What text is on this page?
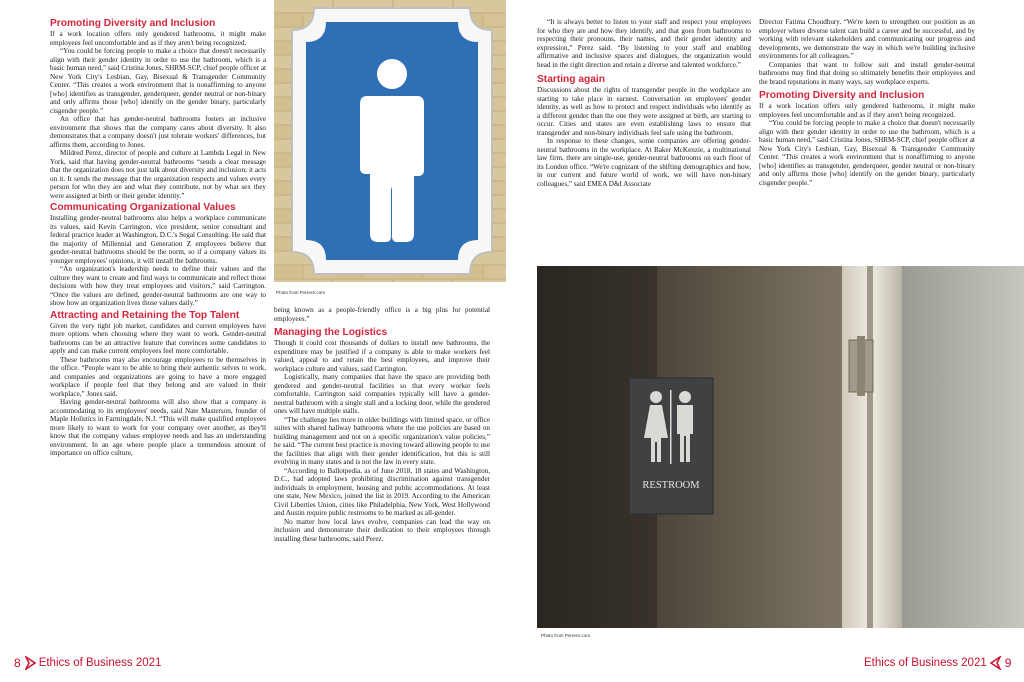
Promoting Diversity and Inclusion

If a work location offers only gendered bathrooms, it might make employees feel uncomfortable and as if they aren't being recognized.

“You could be forcing people to make a choice that doesn't necessarily align with their gender identity in order to use the bathroom, which is a basic human need,” said Cristina Jones, SHRM-SCP, chief people officer at New York City's Lesbian, Gay, Bisexual & Transgender Community Center. “This creates a work environment that is nonaffirming to anyone [who] identifies as transgender, genderqueer, gender neutral or non-binary and only affirms those [who] identify on the gender binary, particularly cisgender people.”

An office that has gender-neutral bathrooms fosters an inclusive environment that shows that the company cares about diversity. It also demonstrates that a company doesn't just tolerate workers' differences, but affirms them, according to Jones.

Mildred Perez, director of people and culture at Lambda Legal in New York, said that having gender-neutral bathrooms “sends a clear message that the organization does not just talk about diversity and inclusion; it acts on it. It sends the message that the organization respects and values every person for who they are and what they contribute, not by what sex they were assigned at birth or their gender identity.”

Communicating Organizational Values

Installing gender-neutral bathrooms also helps a workplace communicate its values, said Kevin Carrington, vice president, senior consultant and federal practice leader at Washington, D.C.'s Segal Consulting. He said that the majority of Millennial and Generation Z employees believe that gender-neutral bathrooms should be the norm, so if a company values its younger employees' opinions, it will install the bathrooms.

“An organization's leadership needs to define their values and the culture they want to create and find ways to communicate and reflect those decisions with how they treat employees and visitors,” said Carrington. “Once the values are defined, gender-neutral bathrooms are one way to show how an organization lives those values daily.”

Attracting and Retaining the Top Talent

Given the very tight job market, candidates and current employees have more options when choosing where they want to work. Gender-neutral bathrooms can be an attractive feature that convinces some candidates to apply and can make current employees feel more comfortable.

These bathrooms may also encourage employees to be themselves in the office. “People want to be able to bring their authentic selves to work, and companies and organizations are going to have a more engaged workplace if people feel that they belong and are valued in their workplace,” Jones said.

Having gender-neutral bathrooms will also show that a company is accommodating to its employees' needs, said Nate Masterson, founder of Maple Holistics in Farmingdale, N.J. “This will make qualified employees more likely to want to work for your company over another, as they'll know that the company values employee needs and has an understanding environment. In an age where people place a tremendous amount of importance on office culture,

Photo from PxHere.com

being known as a people-friendly office is a big plus for potential employees.”

Managing the Logistics

Though it could cost thousands of dollars to install new bathrooms, the expenditure may be justified if a company is able to make workers feel valued, appeal to and retain the best employees, and improve their workplace culture and values, said Carrington.

Logistically, many companies that have the space are providing both gendered and gender-neutral facilities so that every worker feels comfortable. Carrington said companies typically will have a gender-neutral bathroom with a single stall and a locking door, while the gendered ones will have multiple stalls.

“The challenge lies more in older buildings with limited space, or office suites with shared hallway bathrooms where the use policies are based on building management and not on a specific organization's value policies,” he said. “The current best practice is moving toward allowing people to use the facilities that align with their gender identification, but this is still evolving in many states and is not the law in every state.

“According to Ballotpedia, as of June 2018, 18 states and Washington, D.C., had adopted laws prohibiting discrimination against transgender individuals in employment, housing and public accommodations. At least one state, New Mexico, joined the list in 2019. According to the American Civil Liberties Union, cities like Philadelphia, New York, West Hollywood and Austin require public restrooms to be marked as all-gender.

No matter how local laws evolve, companies can lead the way on inclusion and demonstrate their dedication to their employees through installing these bathrooms, said Perez.

“It is always better to listen to your staff and respect your employees for who they are and how they identify, and that goes from bathrooms to respecting their pronouns, their names, and their gender identity and expression,” Perez said. “By listening to your staff and enabling affirmative and inclusive spaces and dialogues, the organization would head in the right direction and retain a diverse and talented workforce.”

Starting again

Discussions about the rights of transgender people in the workplace are starting to take place in earnest. Conversation on employees' gender identity, as well as how to protect and respect individuals who identify as a different gender than the one they were assigned at birth, are starting to occur. Cities and states are even establishing laws to ensure that transgender and non-binary individuals feel safe using the bathroom.

In response to these changes, some companies are offering gender-neutral bathrooms in the workplace. At Baker McKenzie, a multinational law firm, there are single-use, gender-neutral bathrooms on each floor of its London office. “We're cognizant of the shifting demographics and how, in our current and future world of work, we will have non-binary colleagues,” said EMEA D&I Associate

Director Fatima Choudhury. “We're keen to strengthen our position as an employer where diverse talent can build a career and be successful, and by working with relevant stakeholders and communicating our progress and developments, we demonstrate the way in which we're building inclusive environments for all colleagues.”

Companies that want to follow suit and install gender-neutral bathrooms may find that doing so ultimately benefits their employees and the brand reputations in many ways, say workplace experts.

Promoting Diversity and Inclusion

If a work location offers only gendered bathrooms, it might make employees feel uncomfortable and as if they aren't being recognized.

“You could be forcing people to make a choice that doesn't necessarily align with their gender identity in order to use the bathroom, which is a basic human need,” said Cristina Jones, SHRM-SCP, chief people officer at New York City's Lesbian, Gay, Bisexual & Transgender Community Center. “This creates a work environment that is nonaffirming to anyone [who] identifies as transgender, genderqueer, gender neutral or non-binary and only affirms those [who] identify on the gender binary, particularly cisgender people.”

RESTROOM
Photo from PxHere.com
8 Ethics of Business 2021	Ethics of Business 2021 9
